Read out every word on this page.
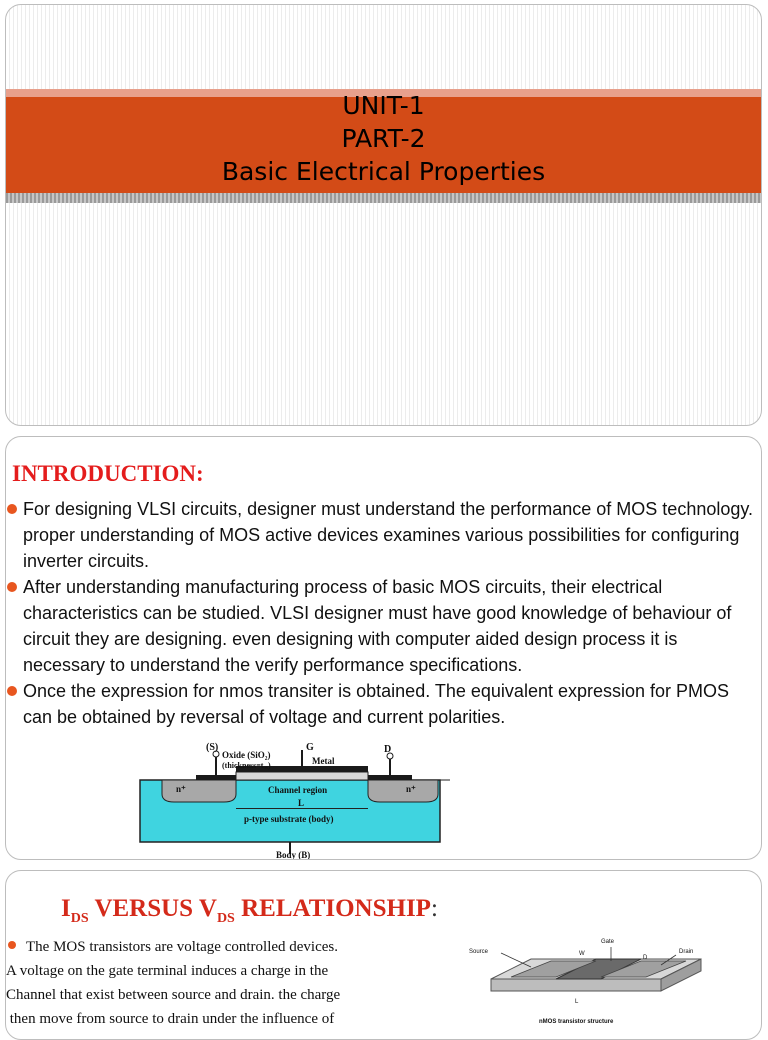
UNIT-1
PART-2
Basic Electrical Properties
INTRODUCTION:
For designing VLSI circuits, designer must understand the performance of MOS technology. proper understanding of MOS active devices examines various possibilities for configuring inverter circuits.
After understanding manufacturing process of basic MOS circuits, their electrical characteristics can be studied. VLSI designer must have good knowledge of behaviour of circuit they are designing. even designing with computer aided design process it is necessary to understand the verify performance specifications.
Once the expression for nmos transiter is obtained. The equivalent expression for PMOS can be obtained by reversal of voltage and current polarities.
(S)
Oxide (SiO₂)
(thickness=tₒₓ)
G
Metal
D
n⁺	n⁺
Channel region
L
p-type substrate (body)
Body (B)
$I_{DS}$ VERSUS $V_{DS}$ RELATIONSHIP:
The MOS transistors are voltage controlled devices.
A voltage on the gate terminal induces a charge in the
Channel that exist between source and drain. the charge
then move from source to drain under the influence of
Gate
Source	Drain
W
D
L
nMOS transistor structure
